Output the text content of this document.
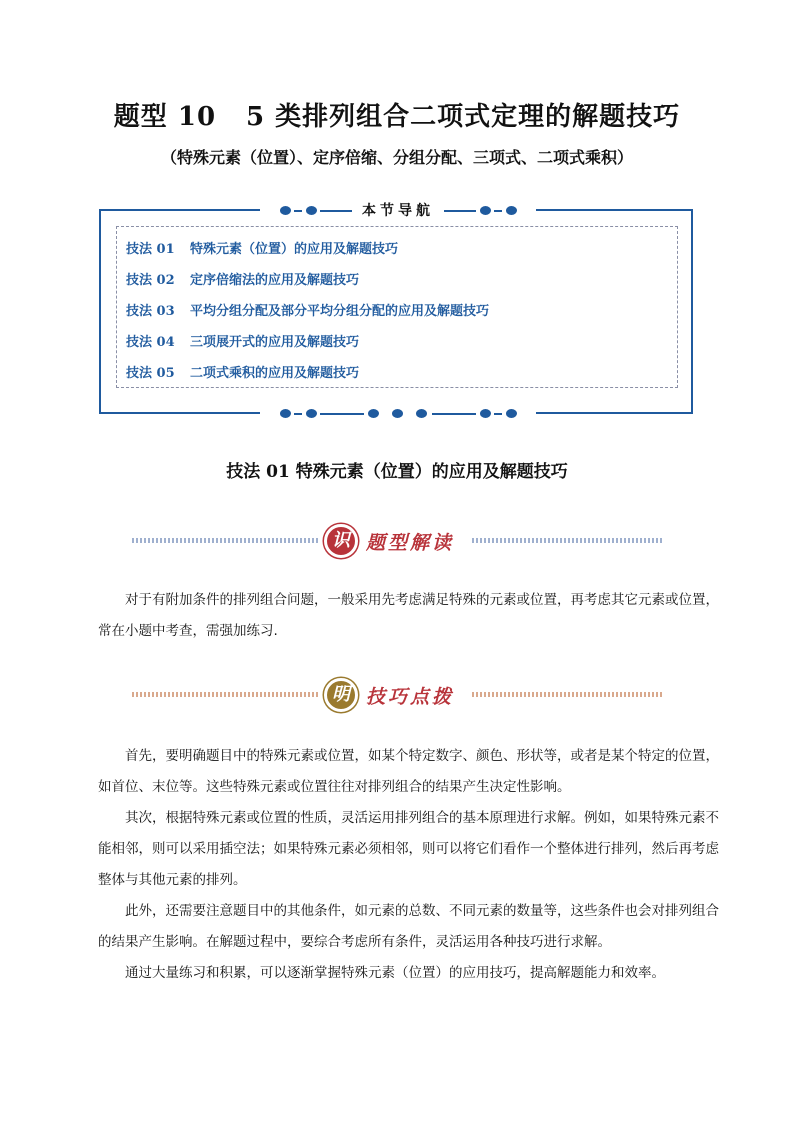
题型 10 5 类排列组合二项式定理的解题技巧
（特殊元素（位置）、定序倍缩、分组分配、三项式、二项式乘积）
本节导航
技法 01 特殊元素（位置）的应用及解题技巧
技法 02 定序倍缩法的应用及解题技巧
技法 03 平均分组分配及部分平均分组分配的应用及解题技巧
技法 04 三项展开式的应用及解题技巧
技法 05 二项式乘积的应用及解题技巧
技法 01 特殊元素（位置）的应用及解题技巧
识 题型解读

对于有附加条件的排列组合问题，一般采用先考虑满足特殊的元素或位置，再考虑其它元素或位置，常在小题中考查，需强加练习.

明 技巧点拨

首先，要明确题目中的特殊元素或位置，如某个特定数字、颜色、形状等，或者是某个特定的位置，如首位、末位等。这些特殊元素或位置往往对排列组合的结果产生决定性影响。

其次，根据特殊元素或位置的性质，灵活运用排列组合的基本原理进行求解。例如，如果特殊元素不能相邻，则可以采用插空法；如果特殊元素必须相邻，则可以将它们看作一个整体进行排列，然后再考虑整体与其他元素的排列。

此外，还需要注意题目中的其他条件，如元素的总数、不同元素的数量等，这些条件也会对排列组合的结果产生影响。在解题过程中，要综合考虑所有条件，灵活运用各种技巧进行求解。

通过大量练习和积累，可以逐渐掌握特殊元素（位置）的应用技巧，提高解题能力和效率。
